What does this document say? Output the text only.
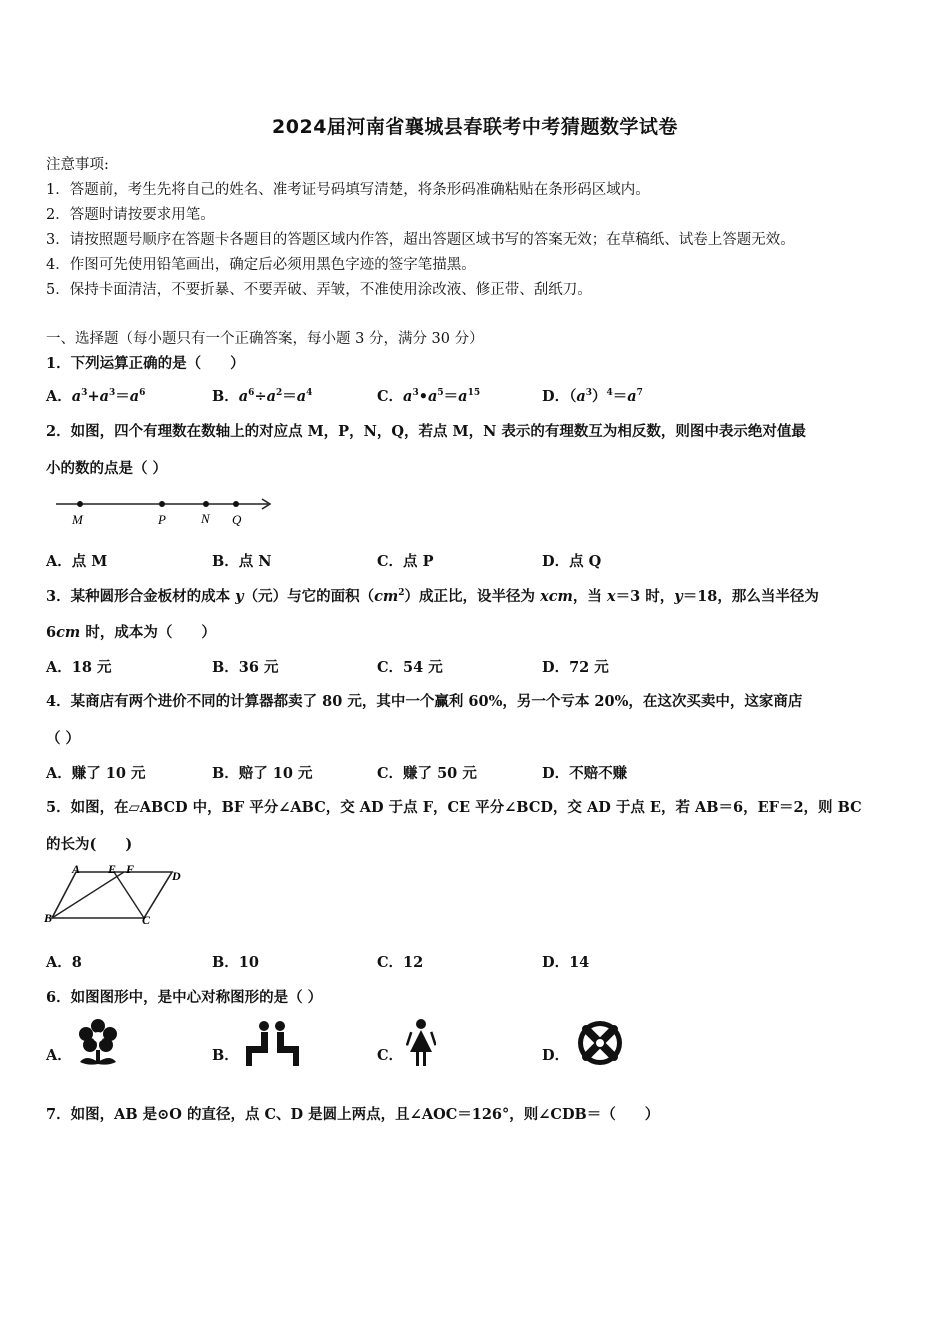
2024届河南省襄城县春联考中考猜题数学试卷
注意事项:
1．答题前，考生先将自己的姓名、准考证号码填写清楚，将条形码准确粘贴在条形码区域内。
2．答题时请按要求用笔。
3．请按照题号顺序在答题卡各题目的答题区域内作答，超出答题区域书写的答案无效；在草稿纸、试卷上答题无效。
4．作图可先使用铅笔画出，确定后必须用黑色字迹的签字笔描黑。
5．保持卡面清洁，不要折暴、不要弄破、弄皱，不准使用涂改液、修正带、刮纸刀。
一、选择题（每小题只有一个正确答案，每小题 3 分，满分 30 分）
1．下列运算正确的是（　　）
A．$a^3+a^3=a^6$	B．$a^6\div a^2=a^4$	C．$a^3•a^5=a^{15}$	D．$(a^3)^4=a^7$
2．如图，四个有理数在数轴上的对应点 M，P，N，Q，若点 M，N 表示的有理数互为相反数，则图中表示绝对值最
小的数的点是（ ）
M	P	N Q
A．点 M	B．点 N	C．点 P	D．点 Q
3．某种圆形合金板材的成本 y（元）与它的面积$(cm^2)$成正比，设半径为 xcm，当 x＝3 时，y＝18，那么当半径为
6cm 时，成本为（　　）
A．18 元	B．36 元	C．54 元	D．72 元
4．某商店有两个进价不同的计算器都卖了 80 元，其中一个赢利 60%，另一个亏本 20%，在这次买卖中，这家商店
（ ）
A．赚了 10 元	B．赔了 10 元	C．赚了 50 元	D．不赔不赚
5．如图，在▱ABCD 中，BF 平分∠ABC，交 AD 于点 F，CE 平分∠BCD，交 AD 于点 E，若 AB＝6，EF＝2，则 BC
的长为(　　)
A E F	D
B	C
A．8	B．10	C．12	D．14
6．如图图形中，是中心对称图形的是（ ）
A．	B．	C．	D．
7．如图，AB 是⊙O 的直径，点 C、D 是圆上两点，且∠AOC＝126°，则∠CDB＝（　　）
